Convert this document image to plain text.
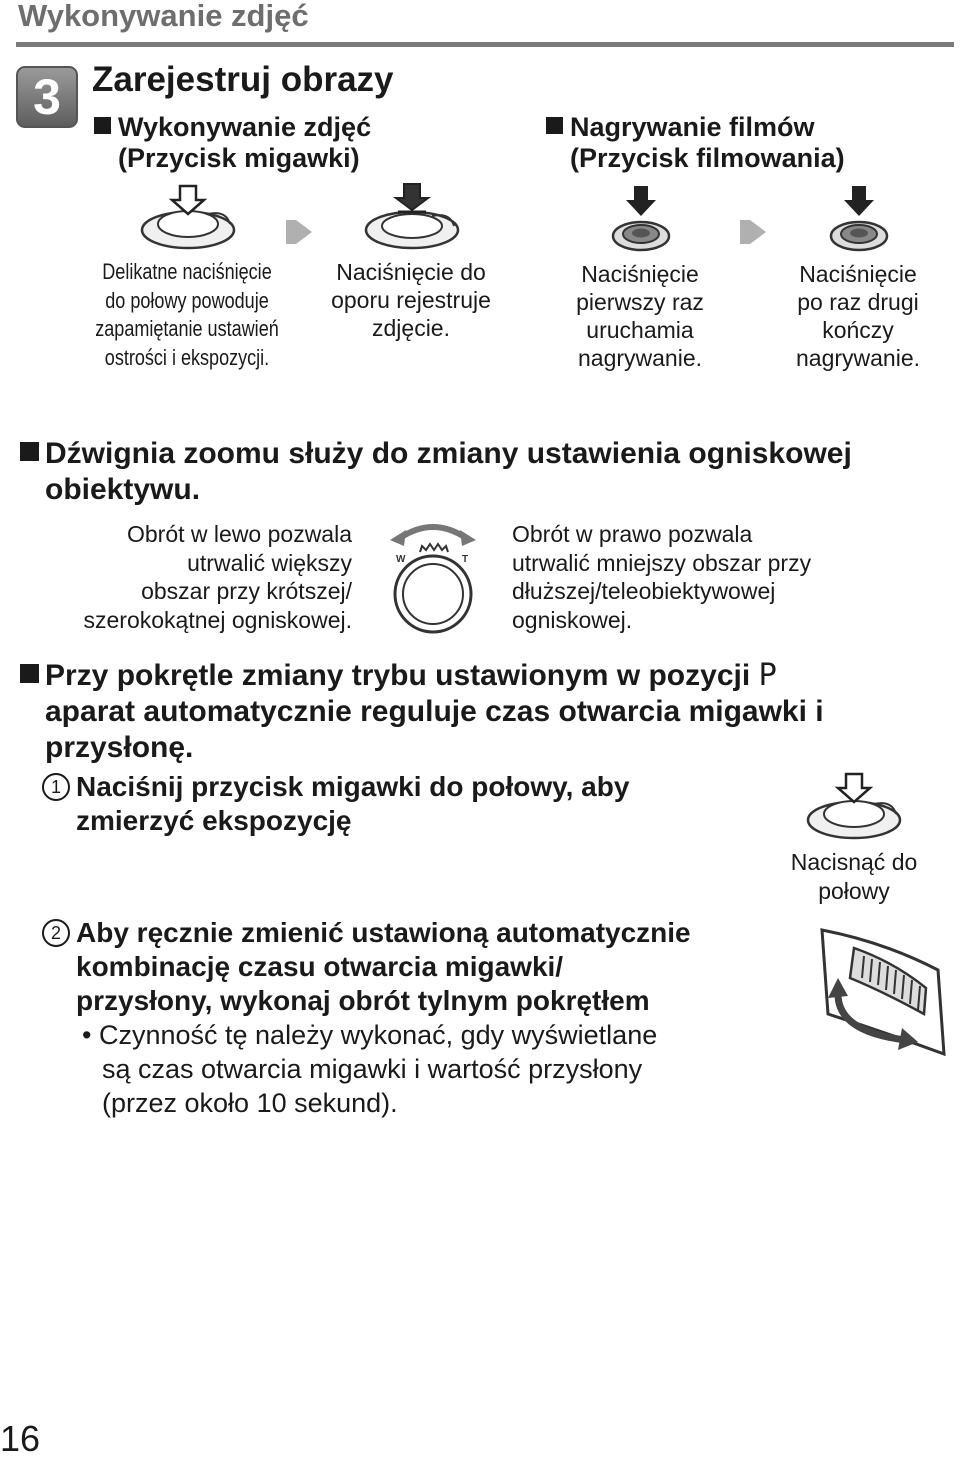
Wykonywanie zdjęć
3 Zarejestruj obrazy
Wykonywanie zdjęć
(Przycisk migawki)
Nagrywanie filmów
(Przycisk filmowania)
Delikatne naciśnięcie
do połowy powoduje
zapamiętanie ustawień
ostrości i ekspozycji.
Naciśnięcie do
oporu rejestruje
zdjęcie.
Naciśnięcie
pierwszy raz
uruchamia
nagrywanie.
Naciśnięcie
po raz drugi
kończy
nagrywanie.
Dźwignia zoomu służy do zmiany ustawienia ogniskowej
obiektywu.
Obrót w lewo pozwala
utrwalić większy
obszar przy krótszej/
szerokokątnej ogniskowej.
W	T
Obrót w prawo pozwala
utrwalić mniejszy obszar przy
dłuższej/teleobiektywowej
ogniskowej.
Przy pokrętle zmiany trybu ustawionym w pozycji P
aparat automatycznie reguluje czas otwarcia migawki i
przysłonę.
1 Naciśnij przycisk migawki do połowy, aby
zmierzyć ekspozycję
Nacisnąć do
połowy
2 Aby ręcznie zmienić ustawioną automatycznie
kombinację czasu otwarcia migawki/
przysłony, wykonaj obrót tylnym pokrętłem
• Czynność tę należy wykonać, gdy wyświetlane
są czas otwarcia migawki i wartość przysłony
(przez około 10 sekund).
16
